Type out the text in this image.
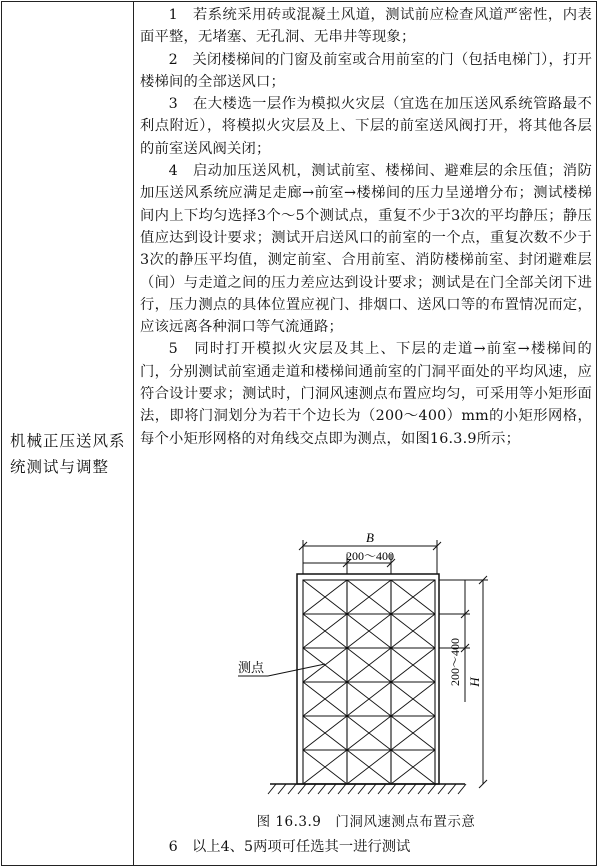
机械正压送风系统测试与调整

1　若系统采用砖或混凝土风道，测试前应检查风道严密性，内表面平整，无堵塞、无孔洞、无串井等现象；

2　关闭楼梯间的门窗及前室或合用前室的门（包括电梯门），打开楼梯间的全部送风口；

3　在大楼选一层作为模拟火灾层（宜选在加压送风系统管路最不利点附近），将模拟火灾层及上、下层的前室送风阀打开，将其他各层的前室送风阀关闭；

4　启动加压送风机，测试前室、楼梯间、避难层的余压值；消防加压送风系统应满足走廊→前室→楼梯间的压力呈递增分布；测试楼梯间内上下均匀选择3个～5个测试点，重复不少于3次的平均静压；静压值应达到设计要求；测试开启送风口的前室的一个点，重复次数不少于3次的静压平均值，测定前室、合用前室、消防楼梯前室、封闭避难层（间）与走道之间的压力差应达到设计要求；测试是在门全部关闭下进行，压力测点的具体位置应视门、排烟口、送风口等的布置情况而定，应该远离各种洞口等气流通路；

5　同时打开模拟火灾层及其上、下层的走道→前室→楼梯间的门，分别测试前室通走道和楼梯间通前室的门洞平面处的平均风速，应符合设计要求；测试时，门洞风速测点布置应均匀，可采用等小矩形面法，即将门洞划分为若干个边长为（200～400）mm的小矩形网格，每个小矩形网格的对角线交点即为测点，如图16.3.9所示；

B
200～400
200～400 H
测点
图 16.3.9　门洞风速测点布置示意
6　以上4、5两项可任选其一进行测试
